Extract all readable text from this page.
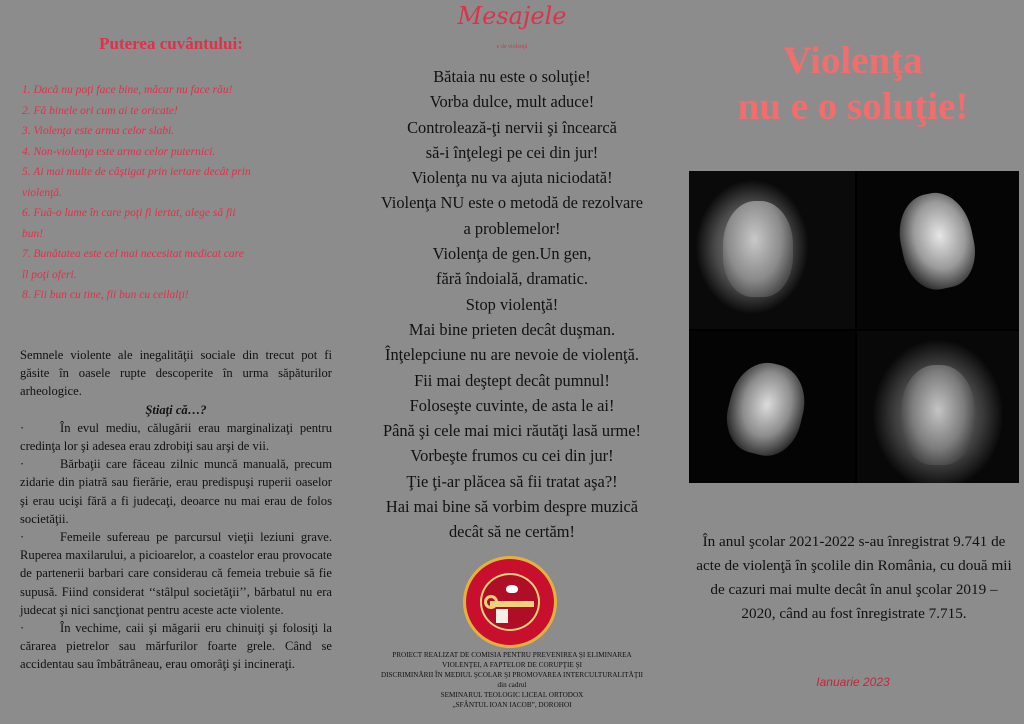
Puterea cuvântului:
1. Dacă nu poţi face bine, măcar nu face rău!
2. Fă binele ori cum ai te oricate!
3. Violenţa este arma celor slabi.
4. Non-violenţa este arma celor puternici.
5. Ai mai multe de câştigat prin iertare decât prin
violenţă.
6. Fuă-o lume în care poţi fi iertat, alege să fii
bun!
7. Bunătatea este cel mai necesitat medicat care
îl poţi oferi.
8. Fii bun cu tine, fii bun cu ceilalţi!

Semnele violente ale inegalităţii sociale din trecut pot fi găsite în oasele rupte descoperite în urma săpăturilor arheologice.

Ştiaţi că…?

·	În evul mediu, călugării erau marginalizaţi pentru credinţa lor şi adesea erau zdrobiţi sau arşi de vii.

·	Bărbaţii care făceau zilnic muncă manuală, precum zidarie din piatră sau fierărie, erau predispuşi ruperii oaselor şi erau ucişi fără a fi judecaţi, deoarce nu mai erau de folos societăţii.

·	Femeile sufereau pe parcursul vieţii leziuni grave. Ruperea maxilarului, a picioarelor, a coastelor erau provocate de partenerii barbari care considerau că femeia trebuie să fie supusă. Fiind considerat ‘‘stâlpul societăţii’’, bărbatul nu era judecat şi nici sancţionat pentru aceste acte violente.

·	În vechime, caii şi măgarii eru chinuiţi şi folosiţi la cărarea pietrelor sau mărfurilor foarte grele. Când se accidentau sau îmbătrâneau, erau omorâţi şi incineraţi.

Mesajele
e de violenţă
Bătaia nu este o soluţie!
Vorba dulce, mult aduce!
Controlează-ţi nervii şi încearcă
să-i înţelegi pe cei din jur!
Violenţa nu va ajuta niciodată!
Violenţa NU este o metodă de rezolvare
a problemelor!
Violenţa de gen.Un gen,
fără îndoială, dramatic.
Stop violenţă!
Mai bine prieten decât duşman.
Înţelepciune nu are nevoie de violenţă.
Fii mai deştept decât pumnul!
Foloseşte cuvinte, de asta le ai!
Până şi cele mai mici răutăţi lasă urme!
Vorbeşte frumos cu cei din jur!
Ţie ţi-ar plăcea să fii tratat aşa?!
Hai mai bine să vorbim despre muzică
decât să ne certăm!
PROIECT REALIZAT DE COMISIA PENTRU PREVENIREA ŞI ELIMINAREA
VIOLENŢEI, A FAPTELOR DE CORUPŢIE ŞI
DISCRIMINĂRII ÎN MEDIUL ŞCOLAR ŞI PROMOVAREA INTERCULTURALITĂŢII
din cadrul
SEMINARUL TEOLOGIC LICEAL ORTODOX
„SFÂNTUL IOAN IACOB”, DOROHOI
Violenţa
nu e o soluţie!
În anul şcolar 2021-2022 s-au înregistrat 9.741 de acte de violenţă în şcolile din România, cu două mii de cazuri mai multe decât în anul şcolar 2019 – 2020, când au fost înregistrate 7.715.
Ianuarie 2023
